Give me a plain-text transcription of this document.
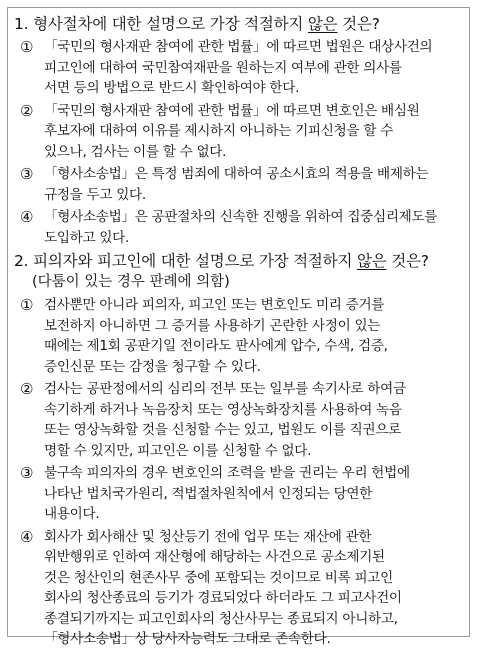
1. 형사절차에 대한 설명으로 가장 적절하지 않은 것은?
① 「국민의 형사재판 참여에 관한 법률」에 따르면 법원은 대상사건의
피고인에 대하여 국민참여재판을 원하는지 여부에 관한 의사를
서면 등의 방법으로 반드시 확인하여야 한다.
② 「국민의 형사재판 참여에 관한 법률」에 따르면 변호인은 배심원
후보자에 대하여 이유를 제시하지 아니하는 기피신청을 할 수
있으나, 검사는 이를 할 수 없다.
③ 「형사소송법」은 특정 범죄에 대하여 공소시효의 적용을 배제하는
규정을 두고 있다.
④ 「형사소송법」은 공판절차의 신속한 진행을 위하여 집중심리제도를
도입하고 있다.
2. 피의자와 피고인에 대한 설명으로 가장 적절하지 않은 것은?
(다툼이 있는 경우 판례에 의함)
① 검사뿐만 아니라 피의자, 피고인 또는 변호인도 미리 증거를
보전하지 아니하면 그 증거를 사용하기 곤란한 사정이 있는
때에는 제1회 공판기일 전이라도 판사에게 압수, 수색, 검증,
증인신문 또는 감정을 청구할 수 있다.
② 검사는 공판정에서의 심리의 전부 또는 일부를 속기사로 하여금
속기하게 하거나 녹음장치 또는 영상녹화장치를 사용하여 녹음
또는 영상녹화할 것을 신청할 수는 있고, 법원도 이를 직권으로
명할 수 있지만, 피고인은 이를 신청할 수 없다.
③ 불구속 피의자의 경우 변호인의 조력을 받을 권리는 우리 헌법에
나타난 법치국가원리, 적법절차원칙에서 인정되는 당연한
내용이다.
④ 회사가 회사해산 및 청산등기 전에 업무 또는 재산에 관한
위반행위로 인하여 재산형에 해당하는 사건으로 공소제기된
것은 청산인의 현존사무 중에 포함되는 것이므로 비록 피고인
회사의 청산종료의 등기가 경료되었다 하더라도 그 피고사건이
종결되기까지는 피고인회사의 청산사무는 종료되지 아니하고,
「형사소송법」상 당사자능력도 그대로 존속한다.
